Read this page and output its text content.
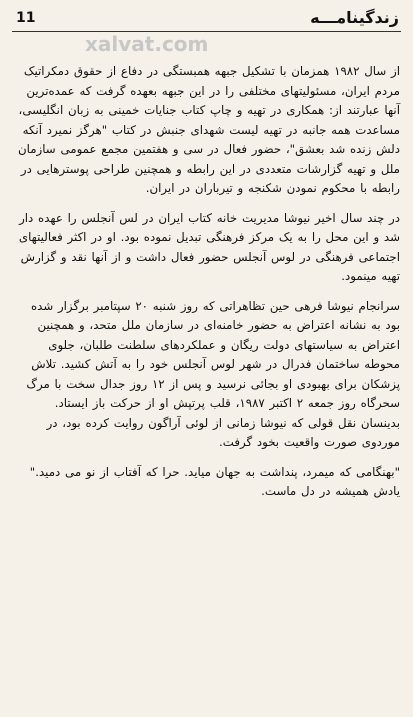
11	زندگینامـــه
xalvat.com

از سال ۱۹۸۲ همزمان با تشکیل جبهه همبستگی در دفاع از حقوق دمکراتیک مردم ایران، مسئولیتهای مختلفی را در این جبهه بعهده گرفت که عمده‌ترین آنها عبارتند از: همکاری در تهیه و چاپ کتاب جنایات خمینی به زبان انگلیسی، مساعدت همه جانبه در تهیه لیست شهدای جنبش در کتاب "هرگز نمیرد آنکه دلش زنده شد بعشق"، حضور فعال در سی و هفتمین مجمع عمومی سازمان ملل و تهیه گزارشات متعددی در این رابطه و همچنین طراحی پوسترهایی در رابطه با محکوم نمودن شکنجه و تیرباران در ایران.

در چند سال اخیر نیوشا مدیریت خانه کتاب ایران در لس آنجلس را عهده دار شد و این محل را به یک مرکز فرهنگی تبدیل نموده بود. او در اکثر فعالیتهای اجتماعی فرهنگی در لوس آنجلس حضور فعال داشت و از آنها نقد و گزارش تهیه مینمود.

سرانجام نیوشا فرهی حین تظاهراتی که روز شنبه ۲۰ سپتامبر برگزار شده بود به نشانه اعتراض به حضور خامنه‌ای در سازمان ملل متحد، و همچنین اعتراض به سیاستهای دولت ریگان و عملکردهای سلطنت طلبان، جلوی محوطه ساختمان فدرال در شهر لوس آنجلس خود را به آتش کشید. تلاش پزشکان برای بهبودی او بجائی نرسید و پس از ۱۲ روز جدال سخت با مرگ سحرگاه روز جمعه ۲ اکتبر ۱۹۸۷، قلب پرتپش او از حرکت باز ایستاد. بدینسان نقل قولی که نیوشا زمانی از لوئی آراگون روایت کرده بود، در موردوی صورت واقعیت بخود گرفت.

"بهنگامی که میمرد، پنداشت به جهان میاید. حرا که آفتاب از نو می دمید." یادش همیشه در دل ماست.
